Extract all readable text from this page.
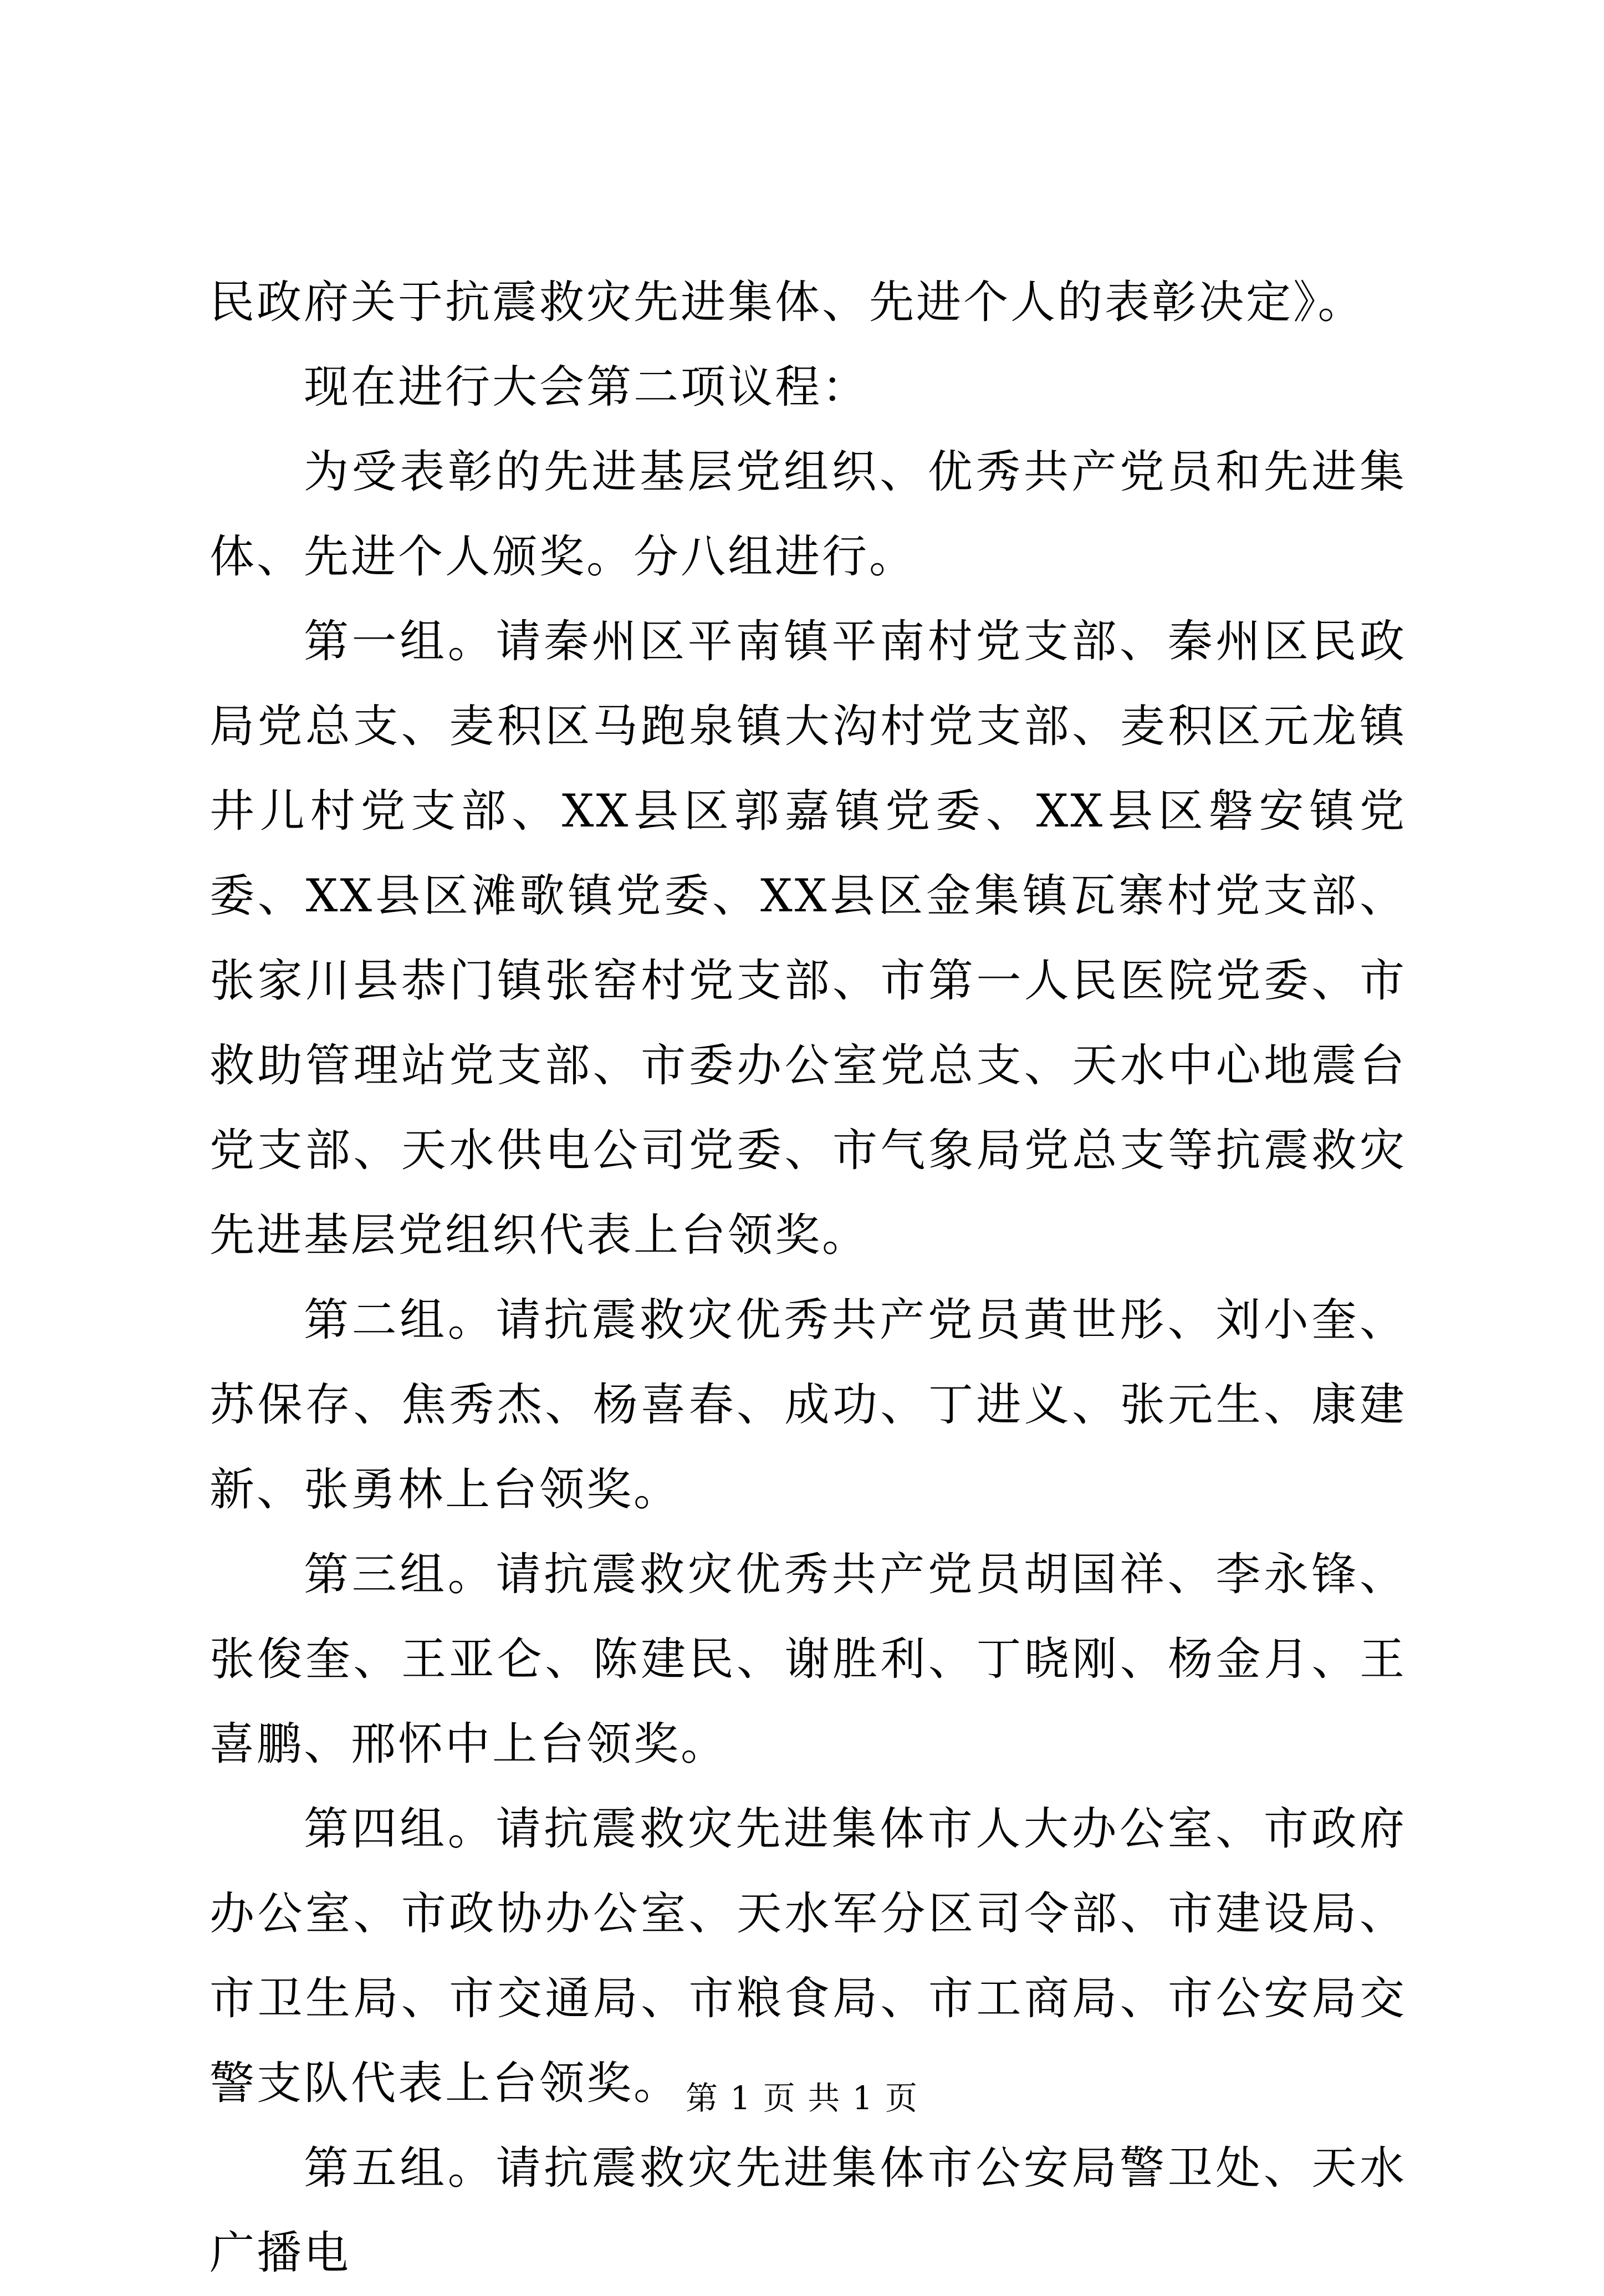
民政府关于抗震救灾先进集体、先进个人的表彰决定》。

现在进行大会第二项议程：

为受表彰的先进基层党组织、优秀共产党员和先进集体、先进个人颁奖。分八组进行。

第一组。请秦州区平南镇平南村党支部、秦州区民政局党总支、麦积区马跑泉镇大沟村党支部、麦积区元龙镇井儿村党支部、XX县区郭嘉镇党委、XX县区磐安镇党委、XX县区滩歌镇党委、XX县区金集镇瓦寨村党支部、张家川县恭门镇张窑村党支部、市第一人民医院党委、市救助管理站党支部、市委办公室党总支、天水中心地震台党支部、天水供电公司党委、市气象局党总支等抗震救灾先进基层党组织代表上台领奖。

第二组。请抗震救灾优秀共产党员黄世彤、刘小奎、苏保存、焦秀杰、杨喜春、成功、丁进义、张元生、康建新、张勇林上台领奖。

第三组。请抗震救灾优秀共产党员胡国祥、李永锋、张俊奎、王亚仑、陈建民、谢胜利、丁晓刚、杨金月、王喜鹏、邢怀中上台领奖。

第四组。请抗震救灾先进集体市人大办公室、市政府办公室、市政协办公室、天水军分区司令部、市建设局、市卫生局、市交通局、市粮食局、市工商局、市公安局交警支队代表上台领奖。

第五组。请抗震救灾先进集体市公安局警卫处、天水广播电

第 1 页 共 1 页
